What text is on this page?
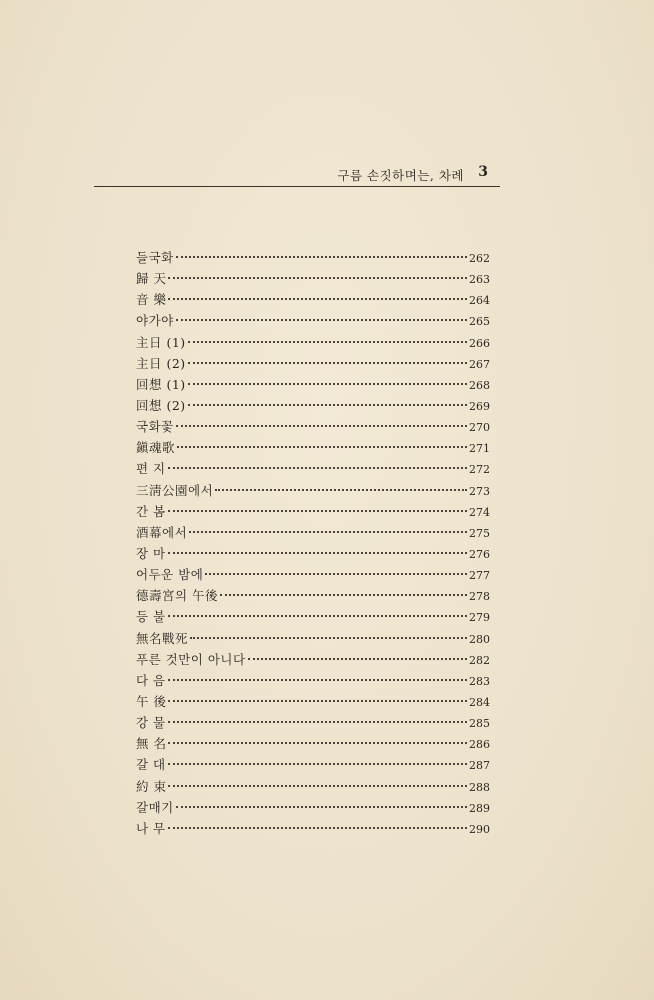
구름 손짓하며는, 차례 3
들국화	262
歸 天	263
音 樂	264
야가야	265
主日 (1)	266
主日 (2)	267
回想 (1)	268
回想 (2)	269
국화꽃	270
鎭魂歌	271
편 지	272
三淸公園에서	273
간 봄	274
酒幕에서	275
장 마	276
어두운 밤에	277
德壽宮의 午後	278
등 불	279
無名戰死	280
푸른 것만이 아니다	282
다 음	283
午 後	284
강 물	285
無 名	286
갈 대	287
約 束	288
갈매기	289
나 무	290
